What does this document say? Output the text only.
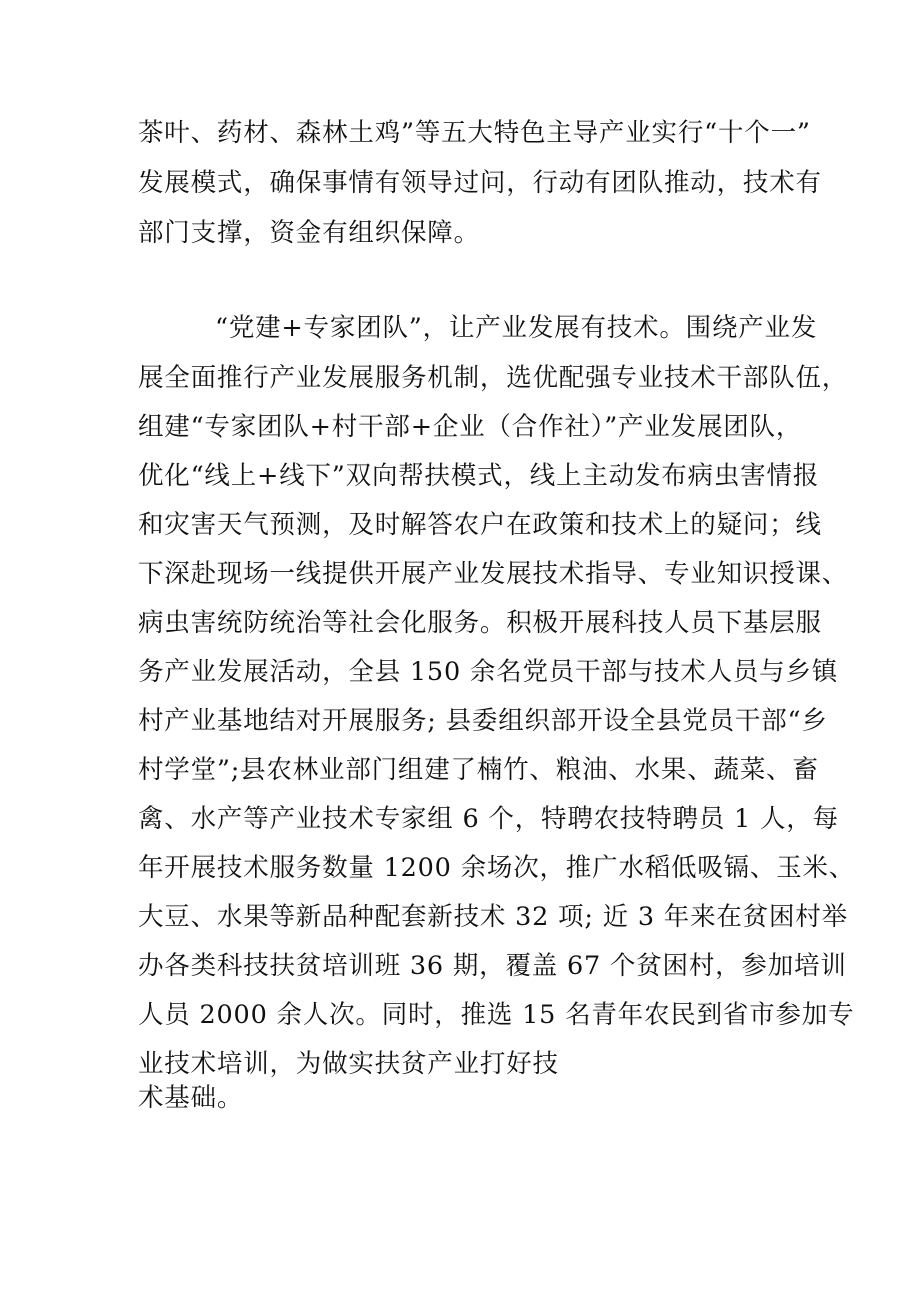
茶叶、药材、森林土鸡”等五大特色主导产业实行“十个一”

发展模式，确保事情有领导过问，行动有团队推动，技术有

部门支撑，资金有组织保障。

“党建+专家团队”，让产业发展有技术。围绕产业发

展全面推行产业发展服务机制，选优配强专业技术干部队伍，

组建“专家团队+村干部+企业（合作社）”产业发展团队，

优化“线上+线下”双向帮扶模式，线上主动发布病虫害情报

和灾害天气预测，及时解答农户在政策和技术上的疑问；线

下深赴现场一线提供开展产业发展技术指导、专业知识授课、

病虫害统防统治等社会化服务。积极开展科技人员下基层服

务产业发展活动，全县 150 余名党员干部与技术人员与乡镇

村产业基地结对开展服务; 县委组织部开设全县党员干部“乡

村学堂”;县农林业部门组建了楠竹、粮油、水果、蔬菜、畜

禽、水产等产业技术专家组 6 个，特聘农技特聘员 1 人，每

年开展技术服务数量 1200 余场次，推广水稻低吸镉、玉米、

大豆、水果等新品种配套新技术 32 项; 近 3 年来在贫困村举

办各类科技扶贫培训班 36 期，覆盖 67 个贫困村，参加培训

人员 2000 余人次。同时，推选 15 名青年农民到省市参加专

业技术培训，为做实扶贫产业打好技

术基础。
